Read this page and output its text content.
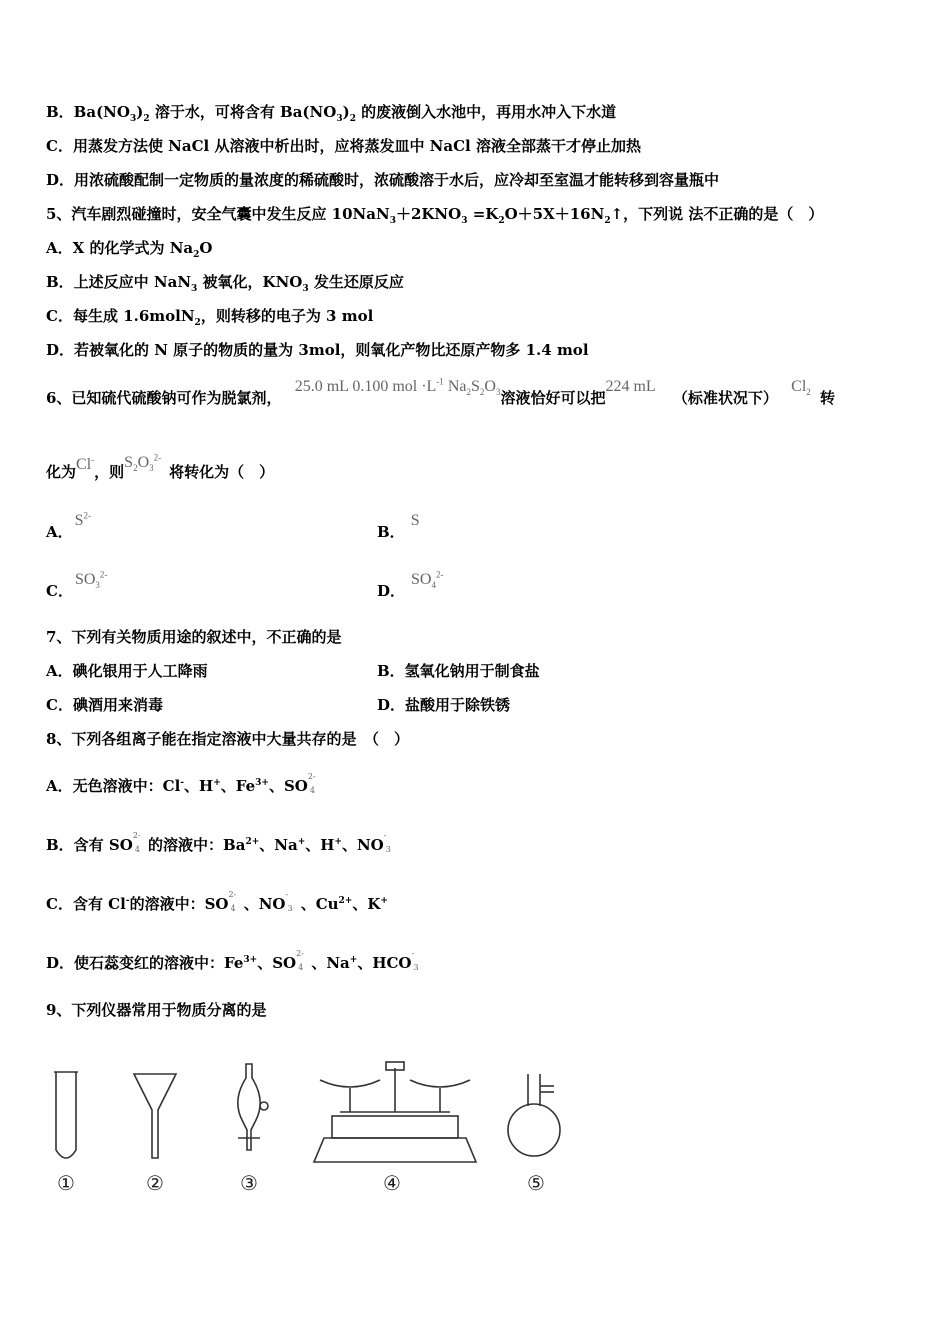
B．$Ba(NO_3)_2$ 溶于水，可将含有 $Ba(NO_3)_2$ 的废液倒入水池中，再用水冲入下水道
C．用蒸发方法使 NaCl 从溶液中析出时，应将蒸发皿中 NaCl 溶液全部蒸干才停止加热
D．用浓硫酸配制一定物质的量浓度的稀硫酸时，浓硫酸溶于水后，应冷却至室温才能转移到容量瓶中
5、汽车剧烈碰撞时，安全气囊中发生反应 $10NaN_3+2KNO_3$ $=K_2O+5X+16N_2↑$，下列说 法不正确的是（　）
A．X 的化学式为 $Na_2O$
B．上述反应中 NaN$_3$ 被氧化，$KNO_3$ 发生还原反应
C．每生成 1.6molN$_2$，则转移的电子为 3 mol
D．若被氧化的 N 原子的物质的量为 3mol，则氧化产物比还原产物多 1.4 mol
6、已知硫代硫酸钠可作为脱氯剂， 25.0 mL 0.100 mol $\cdot L^{-1}$ $Na_2S_2O_3$溶液恰好可以把224 mL （标准状况下） $Cl_2$ 转
化为Cl-，则$S_2O_3^{2-}$将转化为（　）
A．$S^{2-}$
B．S
C．$SO_3^{2-}$
D．$SO_4^{2-}$
7、下列有关物质用途的叙述中，不正确的是
A．碘化银用于人工降雨	B．氢氧化钠用于制食盐
C．碘酒用来消毒	D．盐酸用于除铁锈
8、下列各组离子能在指定溶液中大量共存的是　（　）
A．无色溶液中：Cl-、H+、$Fe^{3+}$、SO
2-
4
B．含有 SO
2-
4 的溶液中：$Ba^{2+}$、Na+、H+、NO
-
3
C．含有 Cl-的溶液中：SO
2-
4 、NO
-
3 、$Cu^{2+}$、K+
D．使石蕊变红的溶液中：$Fe^{3+}$、SO
2-
4 、Na+、HCO
-
3
9、下列仪器常用于物质分离的是
①	②	③	④	⑤
